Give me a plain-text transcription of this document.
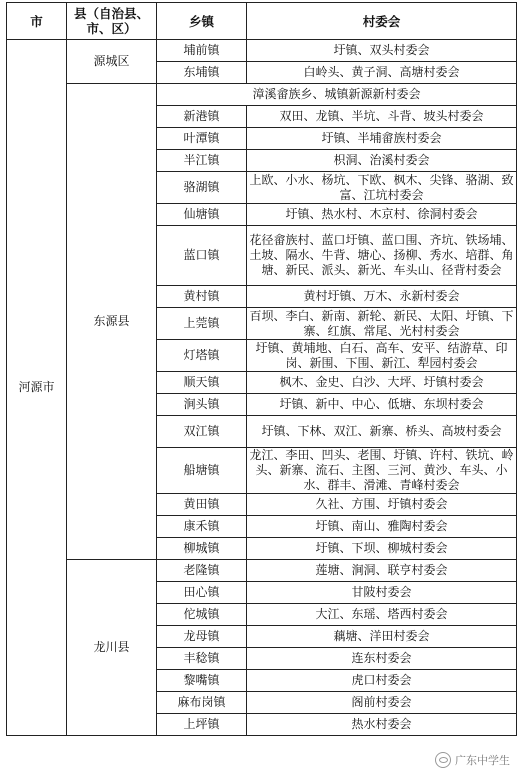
市	县（自治县、市、区）	乡镇	村委会
河源市	源城区	埔前镇	圩镇、双头村委会
		东埔镇	白岭头、黄子洞、高塘村委会
	东源县	漳溪畲族乡、城镇新源新村委会	
		新港镇	双田、龙镇、半坑、斗背、坡头村委会
		叶潭镇	圩镇、半埔畲族村委会
		半江镇	枳洞、治溪村委会
		骆湖镇	上欧、小水、杨坑、下欧、枫木、尖锋、骆湖、致富、江坑村委会
		仙塘镇	圩镇、热水村、木京村、徐洞村委会
		蓝口镇	花径畲族村、蓝口圩镇、蓝口围、齐坑、铁场埔、土坡、隔水、牛背、塘心、扬柳、秀水、培群、角塘、新民、派头、新光、车头山、径背村委会
		黄村镇	黄村圩镇、万木、永新村委会
		上莞镇	百坝、李白、新南、新轮、新民、太阳、圩镇、下寨、红旗、常尾、光村村委会
		灯塔镇	圩镇、黄埔地、白石、高车、安平、结游草、印岗、新围、下围、新江、犁园村委会
		顺天镇	枫木、金史、白沙、大坪、圩镇村委会
		涧头镇	圩镇、新中、中心、低塘、东坝村委会
		双江镇	圩镇、下林、双江、新寨、桥头、高坡村委会
		船塘镇	龙江、李田、凹头、老围、圩镇、许村、铁坑、岭头、新寨、流石、主图、三河、黄沙、车头、小水、群丰、滑滩、青峰村委会
		黄田镇	久社、方围、圩镇村委会
		康禾镇	圩镇、南山、雅陶村委会
		柳城镇	圩镇、下坝、柳城村委会
	龙川县	老隆镇	莲塘、涧洞、联亨村委会
		田心镇	甘陂村委会
		佗城镇	大江、东瑶、塔西村委会
		龙母镇	藕塘、洋田村委会
		丰稔镇	连东村委会
		黎嘴镇	虎口村委会
		麻布岗镇	阁前村委会
		上坪镇	热水村委会
广东中学生
